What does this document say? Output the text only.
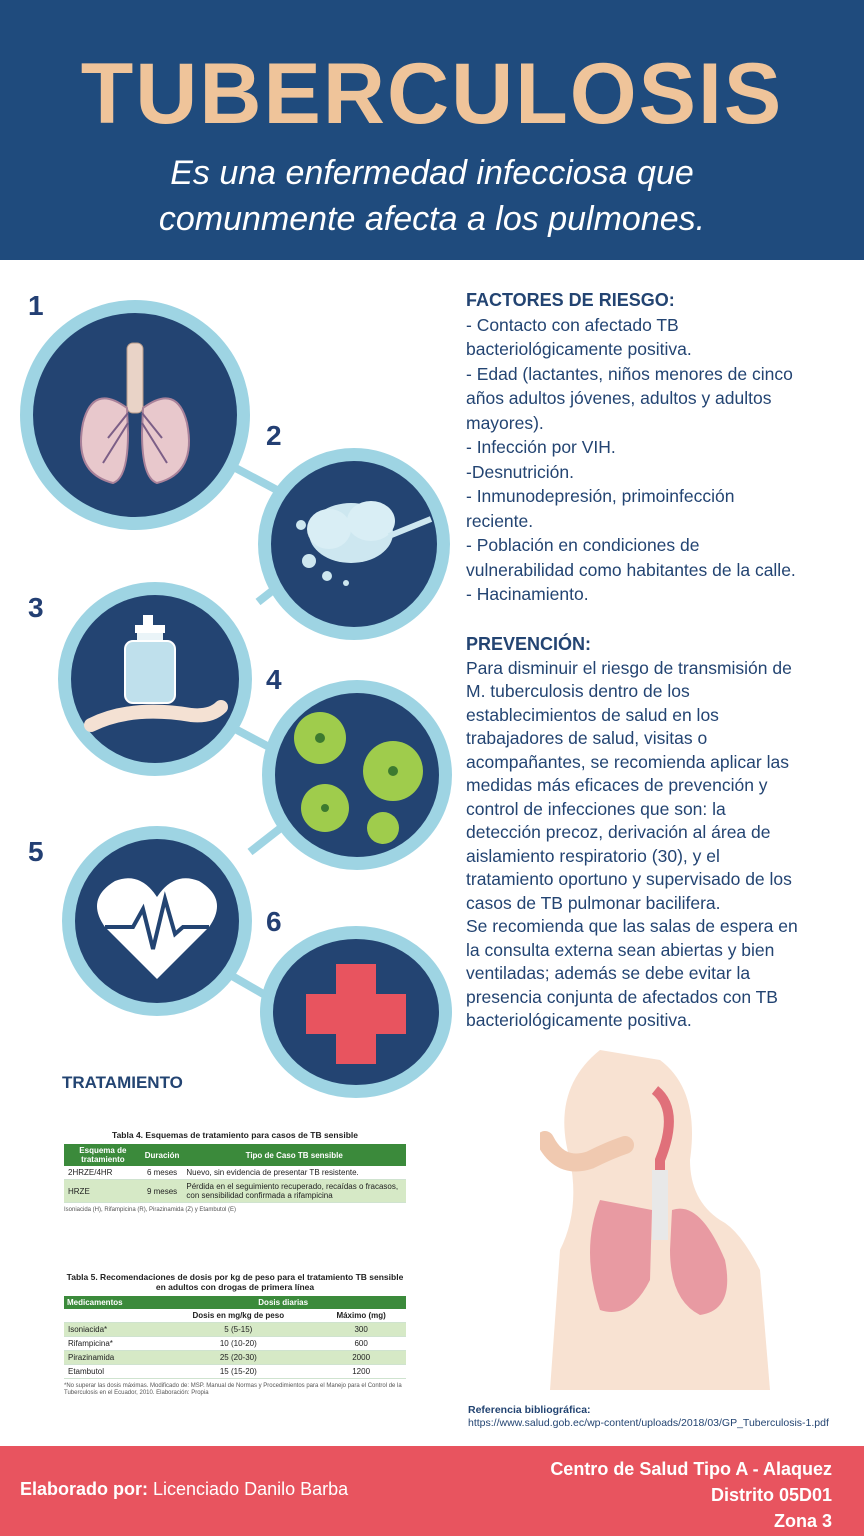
TUBERCULOSIS
Es una enfermedad infecciosa que
comunmente afecta a los pulmones.
1
2
3
4
5
6
FACTORES DE RIESGO:
- Contacto con afectado TB
bacteriológicamente positiva.
- Edad (lactantes, niños menores de cinco
años adultos jóvenes, adultos y adultos
mayores).
- Infección por VIH.
-Desnutrición.
- Inmunodepresión, primoinfección
reciente.
- Población en condiciones de
vulnerabilidad como habitantes de la calle.
- Hacinamiento.
PREVENCIÓN:
Para disminuir el riesgo de transmisión de
M. tuberculosis dentro de los
establecimientos de salud en los
trabajadores de salud, visitas o
acompañantes, se recomienda aplicar las
medidas más eficaces de prevención y
control de infecciones que son: la
detección precoz, derivación al área de
aislamiento respiratorio (30), y el
tratamiento oportuno y supervisado de los
casos de TB pulmonar bacilifera.
Se recomienda que las salas de espera en
la consulta externa sean abiertas y bien
ventiladas; además se debe evitar la
presencia conjunta de afectados con TB
bacteriológicamente positiva.
TRATAMIENTO
Tabla 4. Esquemas de tratamiento para casos de TB sensible
Esquema de tratamiento	Duración	Tipo de Caso TB sensible
2HRZE/4HR	6 meses	Nuevo, sin evidencia de presentar TB resistente.
HRZE	9 meses	Pérdida en el seguimiento recuperado, recaídas o fracasos, con sensibilidad confirmada a rifampicina
Isoniacida (H), Rifampicina (R), Pirazinamida (Z) y Etambutol (E)
Tabla 5. Recomendaciones de dosis por kg de peso para el tratamiento TB sensible en adultos con drogas de primera línea
Medicamentos	Dosis diarias	
	Dosis en mg/kg de peso	Máximo (mg)
Isoniacida*	5 (5-15)	300
Rifampicina*	10 (10-20)	600
Pirazinamida	25 (20-30)	2000
Etambutol	15 (15-20)	1200
*No superar las dosis máximas. Modificado de: MSP. Manual de Normas y Procedimientos para el Manejo para el Control de la Tuberculosis en el Ecuador, 2010. Elaboración: Propia
Referencia bibliográfica:
https://www.salud.gob.ec/wp-content/uploads/2018/03/GP_Tuberculosis-1.pdf
Elaborado por: Licenciado Danilo Barba
Centro de Salud Tipo A - Alaquez
Distrito 05D01
Zona 3
